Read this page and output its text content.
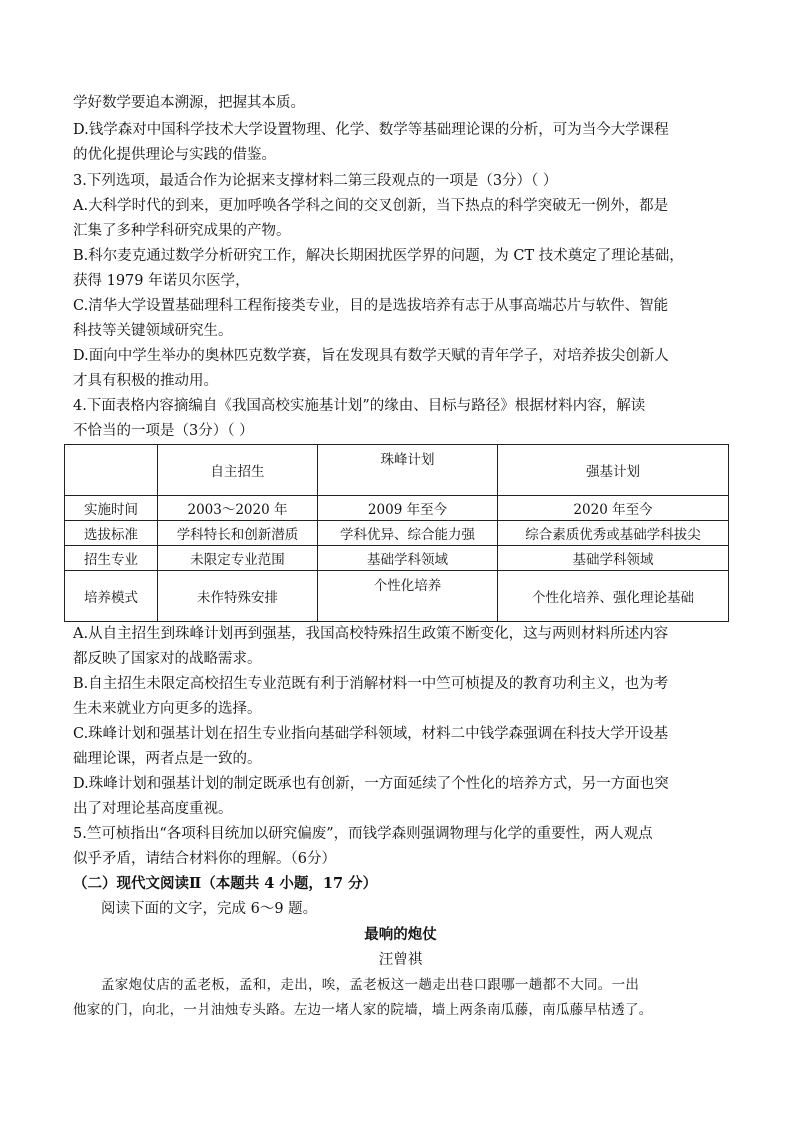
学好数学要追本溯源，把握其本质。
D.钱学森对中国科学技术大学设置物理、化学、数学等基础理论课的分析，可为当今大学课程
的优化提供理论与实践的借鉴。
3.下列选项，最适合作为论据来支撑材料二第三段观点的一项是（3分）（ ）
A.大科学时代的到来，更加呼唤各学科之间的交叉创新，当下热点的科学突破无一例外，都是
汇集了多种学科研究成果的产物。
B.科尔麦克通过数学分析研究工作，解决长期困扰医学界的问题，为 CT 技术奠定了理论基础，
获得 1979 年诺贝尔医学，
C.清华大学设置基础理科工程衔接类专业，目的是选拔培养有志于从事高端芯片与软件、智能
科技等关键领域研究生。
D.面向中学生举办的奥林匹克数学赛，旨在发现具有数学天赋的青年学子，对培养拔尖创新人
才具有积极的推动用。
4.下面表格内容摘编自《我国高校实施基计划”的缘由、目标与路径》根据材料内容，解读
不恰当的一项是（3分）（ ）
	自主招生	珠峰计划	强基计划
实施时间	2003～2020 年	2009 年至今	2020 年至今
选拔标准	学科特长和创新潜质	学科优异、综合能力强	综合素质优秀或基础学科拔尖
招生专业	未限定专业范围	基础学科领域	基础学科领域
培养模式	未作特殊安排	个性化培养	个性化培养、强化理论基础
A.从自主招生到珠峰计划再到强基，我国高校特殊招生政策不断变化，这与两则材料所述内容
都反映了国家对的战略需求。
B.自主招生未限定高校招生专业范既有利于消解材料一中竺可桢提及的教育功利主义，也为考
生未来就业方向更多的选择。
C.珠峰计划和强基计划在招生专业指向基础学科领域，材料二中钱学森强调在科技大学开设基
础理论课，两者点是一致的。
D.珠峰计划和强基计划的制定既承也有创新，一方面延续了个性化的培养方式，另一方面也突
出了对理论基高度重视。
5.竺可桢指出“各项科目统加以研究偏废”，而钱学森则强调物理与化学的重要性，两人观点
似乎矛盾，请结合材料你的理解。（6分）
（二）现代文阅读Ⅱ（本题共 4 小题，17 分）
阅读下面的文字，完成 6～9 题。
最响的炮仗
汪曾祺
孟家炮仗店的孟老板，孟和，走出，唉，孟老板这一趟走出巷口跟哪一趟都不大同。一出
他家的门，向北，一爿油烛专头路。左边一堵人家的院墙，墙上两条南瓜藤，南瓜藤早枯透了。
